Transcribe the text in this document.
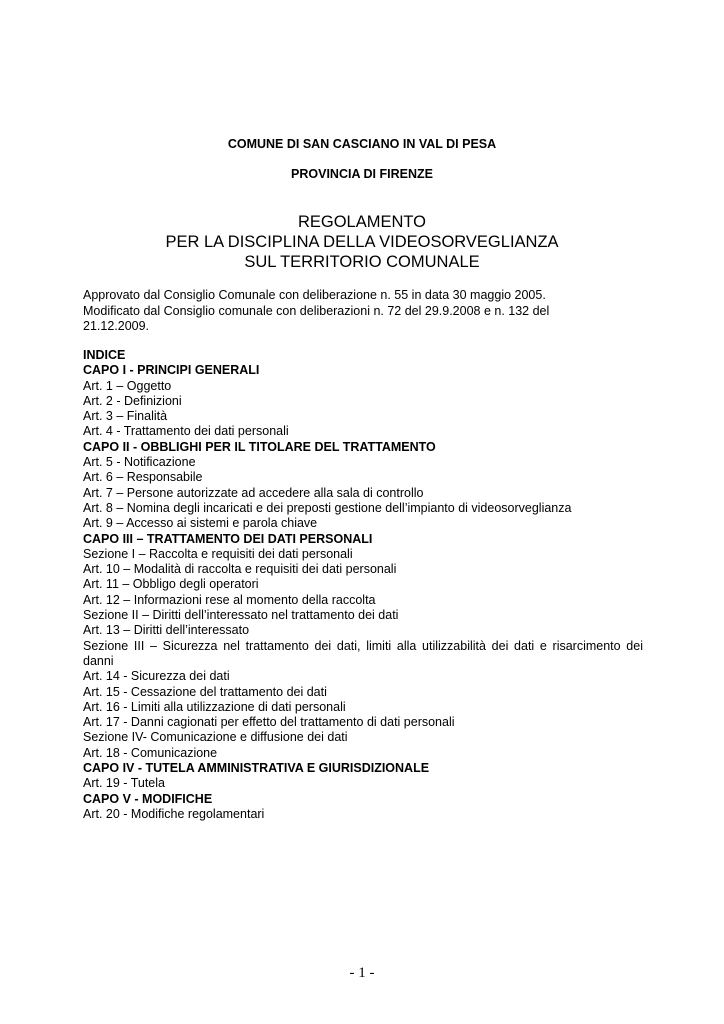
COMUNE DI SAN CASCIANO IN VAL DI PESA
PROVINCIA DI FIRENZE
REGOLAMENTO
PER LA DISCIPLINA DELLA VIDEOSORVEGLIANZA
SUL TERRITORIO COMUNALE
Approvato dal Consiglio Comunale con deliberazione n. 55 in data 30 maggio 2005.
Modificato dal Consiglio comunale con deliberazioni n. 72 del 29.9.2008 e n. 132 del
21.12.2009.
INDICE
CAPO I - PRINCIPI GENERALI
Art. 1 – Oggetto
Art. 2 - Definizioni
Art. 3 – Finalità
Art. 4 - Trattamento dei dati personali
CAPO II - OBBLIGHI PER IL TITOLARE DEL TRATTAMENTO
Art. 5 - Notificazione
Art. 6 – Responsabile
Art. 7 – Persone autorizzate ad accedere alla sala di controllo
Art. 8 – Nomina degli incaricati e dei preposti gestione dell’impianto di videosorveglianza
Art. 9 – Accesso ai sistemi e parola chiave
CAPO III – TRATTAMENTO DEI DATI PERSONALI
Sezione I – Raccolta e requisiti dei dati personali
Art. 10 – Modalità di raccolta e requisiti dei dati personali
Art. 11 – Obbligo degli operatori
Art. 12 – Informazioni rese al momento della raccolta
Sezione II – Diritti dell’interessato nel trattamento dei dati
Art. 13 – Diritti dell’interessato
Sezione III – Sicurezza nel trattamento dei dati, limiti alla utilizzabilità dei dati e risarcimento dei danni
Art. 14 - Sicurezza dei dati
Art. 15 - Cessazione del trattamento dei dati
Art. 16 - Limiti alla utilizzazione di dati personali
Art. 17 - Danni cagionati per effetto del trattamento di dati personali
Sezione IV- Comunicazione e diffusione dei dati
Art. 18 - Comunicazione
CAPO IV - TUTELA AMMINISTRATIVA E GIURISDIZIONALE
Art. 19 - Tutela
CAPO V - MODIFICHE
Art. 20 - Modifiche regolamentari
- 1 -
